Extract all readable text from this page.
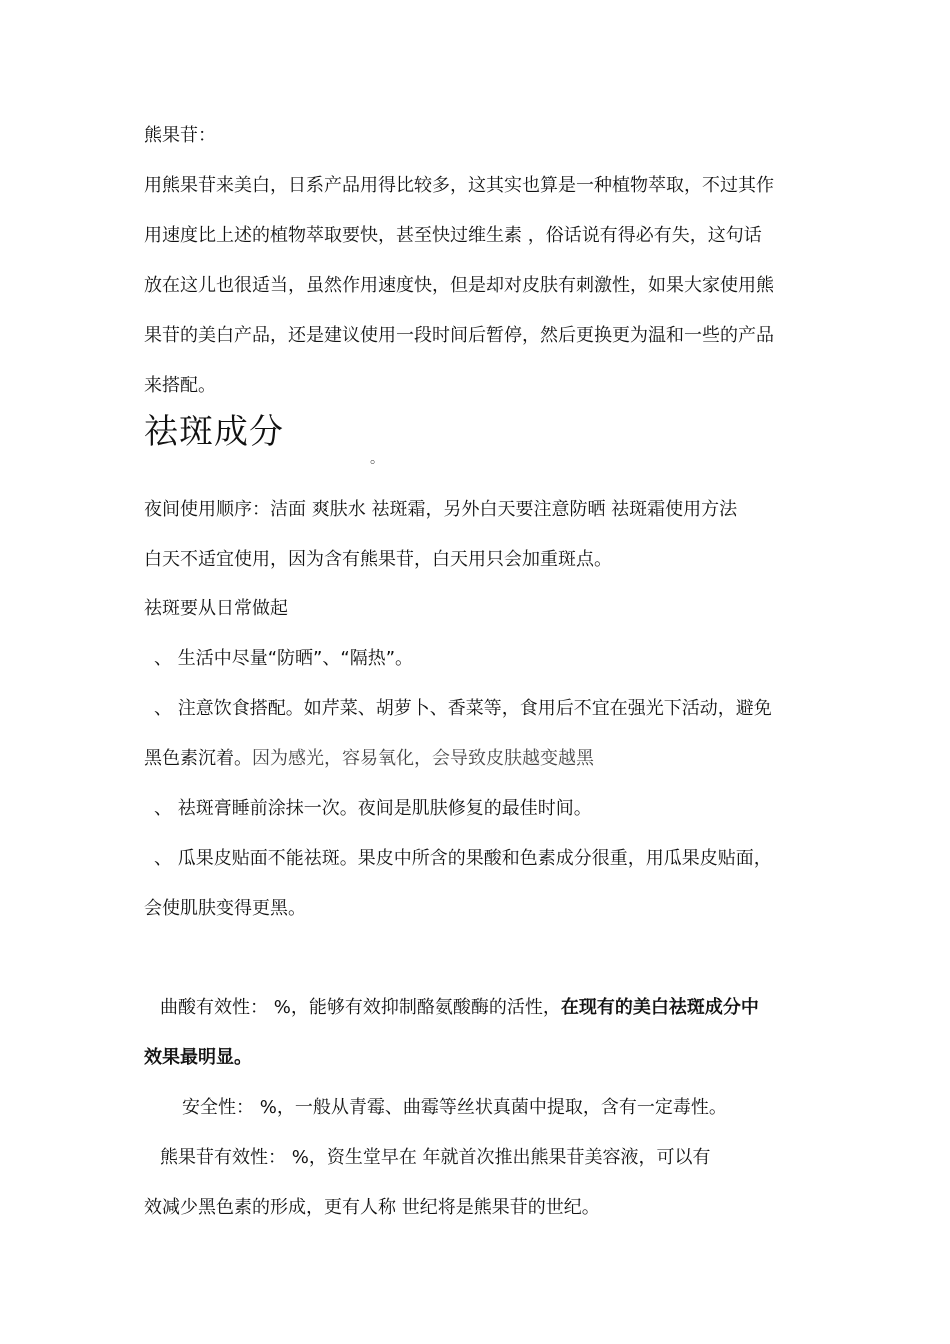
熊果苷：
用熊果苷来美白，日系产品用得比较多，这其实也算是一种植物萃取，不过其作
用速度比上述的植物萃取要快，甚至快过维生素 ，俗话说有得必有失，这句话
放在这儿也很适当，虽然作用速度快，但是却对皮肤有刺激性，如果大家使用熊
果苷的美白产品，还是建议使用一段时间后暂停，然后更换更为温和一些的产品
来搭配。
祛斑成分
。
夜间使用顺序：洁面 爽肤水 祛斑霜，另外白天要注意防晒 祛斑霜使用方法
白天不适宜使用，因为含有熊果苷，白天用只会加重斑点。
祛斑要从日常做起
、 生活中尽量“防晒”、“隔热”。
、 注意饮食搭配。如芹菜、胡萝卜、香菜等，食用后不宜在强光下活动，避免
黑色素沉着。因为感光，容易氧化，会导致皮肤越变越黑
、 祛斑膏睡前涂抹一次。夜间是肌肤修复的最佳时间。
、 瓜果皮贴面不能祛斑。果皮中所含的果酸和色素成分很重，用瓜果皮贴面，
会使肌肤变得更黑。
曲酸有效性： %，能够有效抑制酪氨酸酶的活性，在现有的美白祛斑成分中
效果最明显。
安全性： %，一般从青霉、曲霉等丝状真菌中提取，含有一定毒性。
熊果苷有效性： %，资生堂早在 年就首次推出熊果苷美容液，可以有
效减少黑色素的形成，更有人称 世纪将是熊果苷的世纪。
